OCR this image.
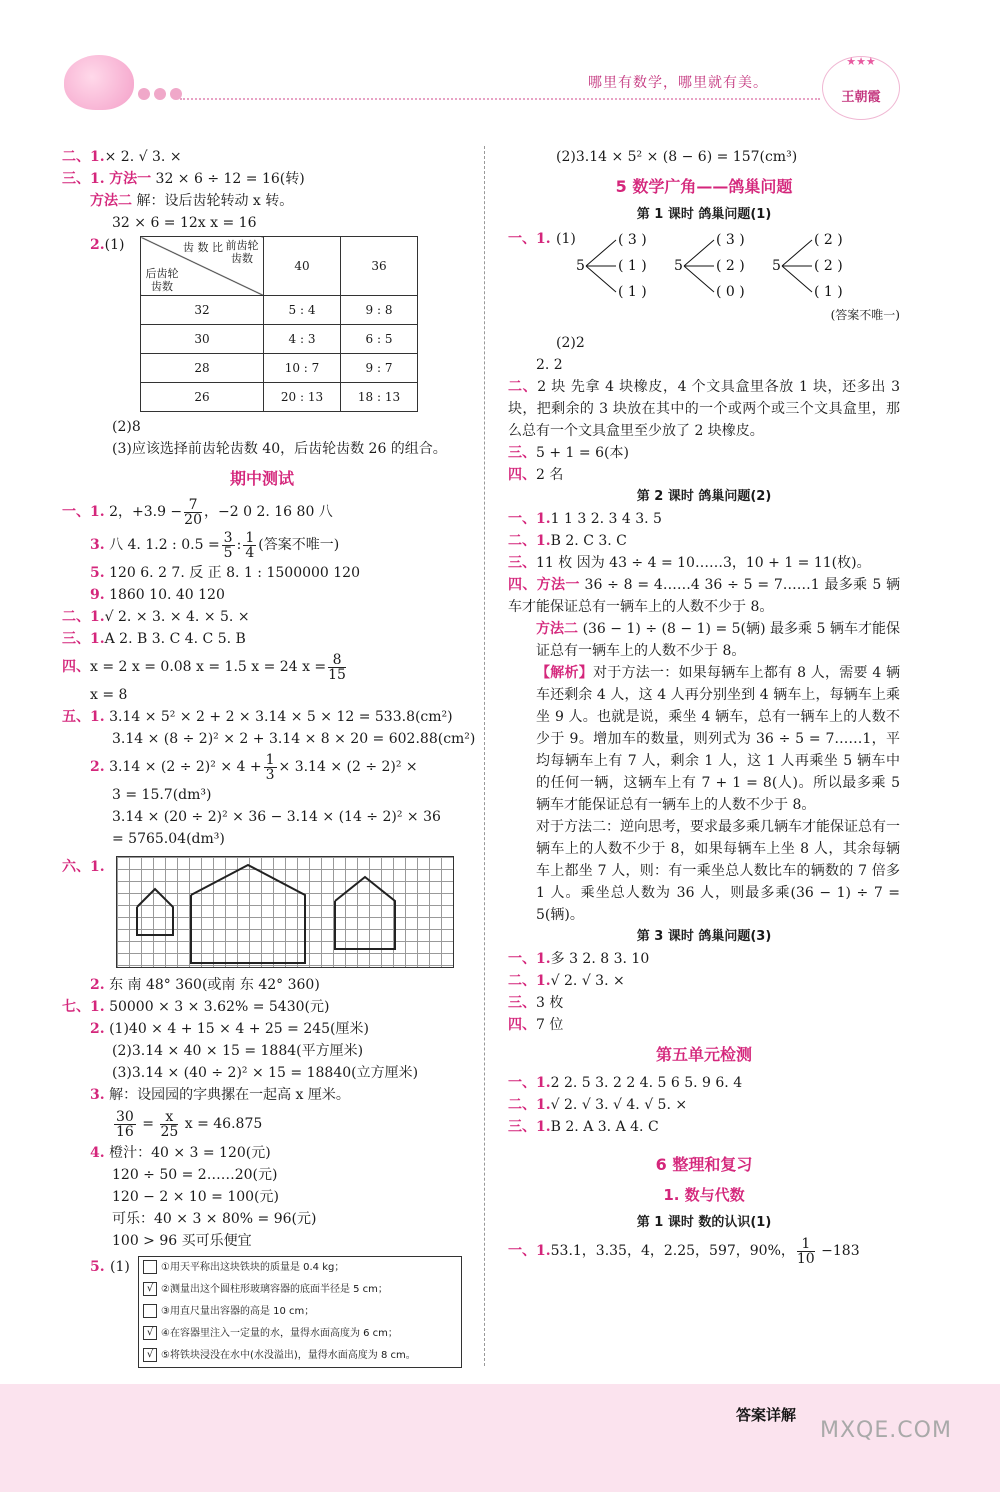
哪里有数学，哪里就有美。
★★★
王朝霞
二、1.× 2. √ 3. ×
三、1. 方法一 32 × 6 ÷ 12 = 16(转)
方法二 解：设后齿轮转动 x 转。
32 × 6 = 12x x = 16
2.(1)	齿 数 比 前齿轮 齿数
后齿轮 齿数	40	36
32	5 : 4	9 : 8
30	4 : 3	6 : 5
28	10 : 7	9 : 7
26	20 : 13	18 : 13
(2)8
(3)应该选择前齿轮齿数 40，后齿轮齿数 26 的组合。
期中测试
一、1. 2，$+3.9 - \frac{7}{20}$ ，−2 0 2. 16 80 八
3. 八 4. 1.2 : $0.5 = \frac{3}{5}$ : $\frac{1}{4}$ (答案不唯一)
5. 120 6. 2 7. 反 正 8. 1 : 1500000 120
9. 1860 10. 40 120
二、1.√ 2. × 3. × 4. × 5. ×
三、1.A 2. B 3. C 4. C 5. B
四、x = 2 x = 0.08 x = 1.5 x = 24 $x = \frac{8}{15}$
x = 8
五、1. 3.14 × 5² × 2 + 2 × 3.14 × 5 × 12 = 533.8(cm²)
3.14 × (8 ÷ 2)² × 2 + 3.14 × 8 × 20 = 602.88(cm²)
2. $3.14 \times (2 \div 2)^2 \times 4 + \frac{1}{3} \times 3.14 \times (2 \div 2)^2$ ×
3 = 15.7(dm³)
3.14 × (20 ÷ 2)² × 36 − 3.14 × (14 ÷ 2)² × 36
= 5765.04(dm³)
六、1.
2. 东 南 48° 360(或南 东 42° 360)
七、1. 50000 × 3 × 3.62% = 5430(元)
2. (1)40 × 4 + 15 × 4 + 25 = 245(厘米)
(2)3.14 × 40 × 15 = 1884(平方厘米)
(3)3.14 × (40 ÷ 2)² × 15 = 18840(立方厘米)
3. 解：设园园的字典摞在一起高 x 厘米。
$\frac{30}{16} = \frac{x}{25}$ x = 46.875
4. 橙汁：40 × 3 = 120(元)
120 ÷ 50 = 2……20(元)
120 − 2 × 10 = 100(元)
可乐：40 × 3 × 80% = 96(元)
100 > 96 买可乐便宜
5. (1)	①用天平称出这块铁块的质量是 0.4 kg；
√ ②测量出这个圆柱形玻璃容器的底面半径是 5 cm；
③用直尺量出容器的高是 10 cm；
√ ④在容器里注入一定量的水，量得水面高度为 6 cm；
√ ⑤将铁块浸没在水中(水没溢出)，量得水面高度为 8 cm。
(2)3.14 × 5² × (8 − 6) = 157(cm³)
5 数学广角——鸽巢问题
第 1 课时 鸽巢问题(1)
一、1. (1)
5
( 3 )
( 1 )
( 1 )
5
( 3 )
( 2 )
( 0 )
5
( 2 )
( 2 )
( 1 )
(答案不唯一)
(2)2
2. 2
二、2 块 先拿 4 块橡皮，4 个文具盒里各放 1 块，还多出 3 块，把剩余的 3 块放在其中的一个或两个或三个文具盒里，那么总有一个文具盒里至少放了 2 块橡皮。
三、5 + 1 = 6(本)
四、2 名
第 2 课时 鸽巢问题(2)
一、1.1 1 3 2. 3 4 3. 5
二、1.B 2. C 3. C
三、11 枚 因为 43 ÷ 4 = 10……3，10 + 1 = 11(枚)。
四、方法一 36 ÷ 8 = 4……4 36 ÷ 5 = 7……1 最多乘 5 辆车才能保证总有一辆车上的人数不少于 8。
方法二 (36 − 1) ÷ (8 − 1) = 5(辆) 最多乘 5 辆车才能保证总有一辆车上的人数不少于 8。
【解析】对于方法一：如果每辆车上都有 8 人，需要 4 辆车还剩余 4 人，这 4 人再分别坐到 4 辆车上，每辆车上乘坐 9 人。也就是说，乘坐 4 辆车，总有一辆车上的人数不少于 9。增加车的数量，则列式为 36 ÷ 5 = 7……1，平均每辆车上有 7 人，剩余 1 人，这 1 人再乘坐 5 辆车中的任何一辆，这辆车上有 7 + 1 = 8(人)。所以最多乘 5 辆车才能保证总有一辆车上的人数不少于 8。
对于方法二：逆向思考，要求最多乘几辆车才能保证总有一辆车上的人数不少于 8，如果每辆车上坐 8 人，其余每辆车上都坐 7 人，则：有一乘坐总人数比车的辆数的 7 倍多 1 人。乘坐总人数为 36 人，则最多乘(36 − 1) ÷ 7 = 5(辆)。
第 3 课时 鸽巢问题(3)
一、1.多 3 2. 8 3. 10
二、1.√ 2. √ 3. ×
三、3 枚
四、7 位
第五单元检测
一、1.2 2. 5 3. 2 2 4. 5 6 5. 9 6. 4
二、1.√ 2. √ 3. √ 4. √ 5. ×
三、1.B 2. A 3. A 4. C
6 整理和复习
1. 数与代数
第 1 课时 数的认识(1)
一、1.53.1，3.35，4，2.25，597，90%， $\frac{1}{10} -183$
答案详解
MXQE.COM
